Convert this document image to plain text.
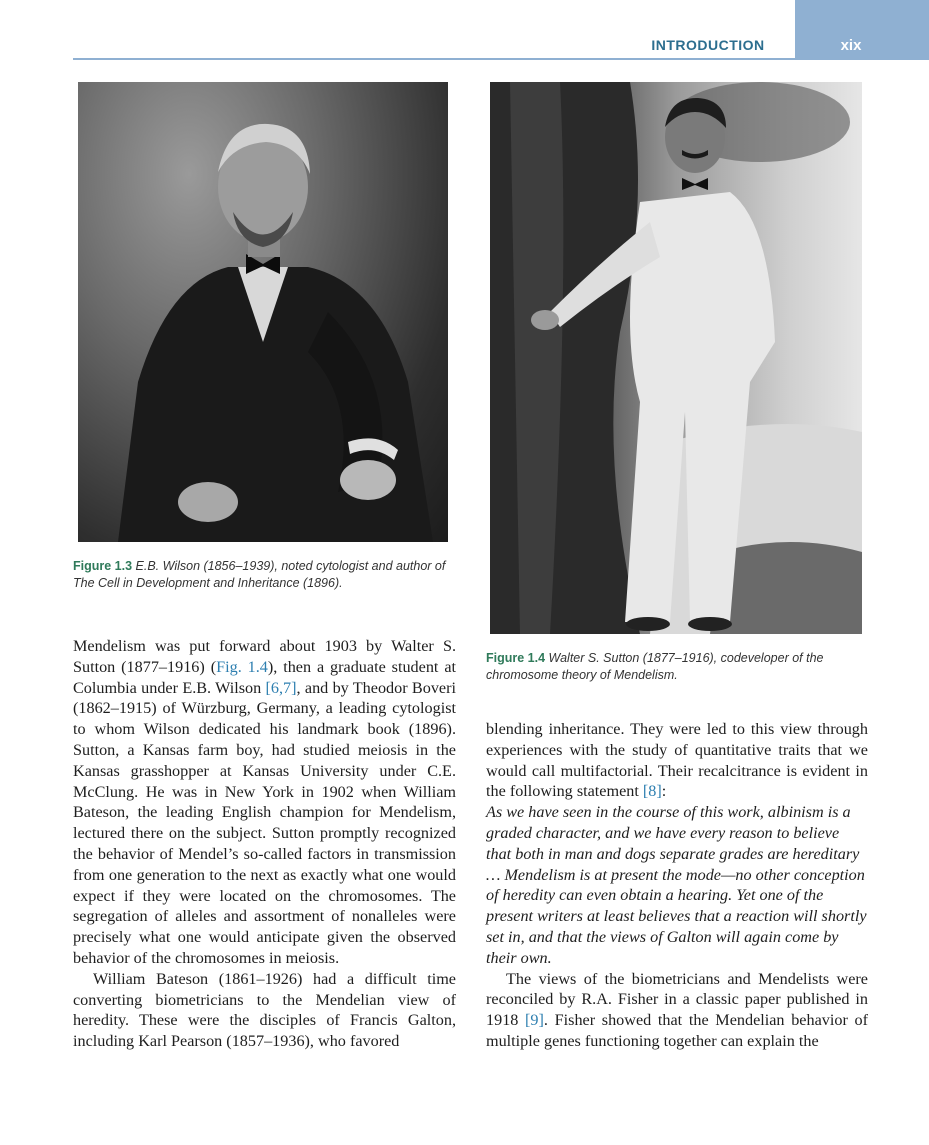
INTRODUCTION	xix
Figure 1.3 E.B. Wilson (1856–1939), noted cytologist and author of The Cell in Development and Inheritance (1896).
Figure 1.4 Walter S. Sutton (1877–1916), codeveloper of the chromosome theory of Mendelism.

Mendelism was put forward about 1903 by Walter S. Sutton (1877–1916) (Fig. 1.4), then a graduate student at Columbia under E.B. Wilson [6,7], and by Theodor Boveri (1862–1915) of Würzburg, Germany, a leading cytologist to whom Wilson dedicated his landmark book (1896). Sutton, a Kansas farm boy, had studied meiosis in the Kansas grasshopper at Kansas University under C.E. McClung. He was in New York in 1902 when William Bateson, the leading English champion for Mendelism, lectured there on the subject. Sutton promptly recognized the behavior of Mendel’s so-called factors in transmission from one generation to the next as exactly what one would expect if they were located on the chromosomes. The segregation of alleles and assortment of nonalleles were precisely what one would anticipate given the observed behavior of the chromosomes in meiosis.

William Bateson (1861–1926) had a difficult time converting biometricians to the Mendelian view of heredity. These were the disciples of Francis Galton, including Karl Pearson (1857–1936), who favored

blending inheritance. They were led to this view through experiences with the study of quantitative traits that we would call multifactorial. Their recalcitrance is evident in the following statement [8]:

As we have seen in the course of this work, albinism is a graded character, and we have every reason to believe that both in man and dogs separate grades are hereditary … Mendelism is at present the mode—no other conception of heredity can even obtain a hearing. Yet one of the present writers at least believes that a reaction will shortly set in, and that the views of Galton will again come by their own.

The views of the biometricians and Mendelists were reconciled by R.A. Fisher in a classic paper published in 1918 [9]. Fisher showed that the Mendelian behavior of multiple genes functioning together can explain the
